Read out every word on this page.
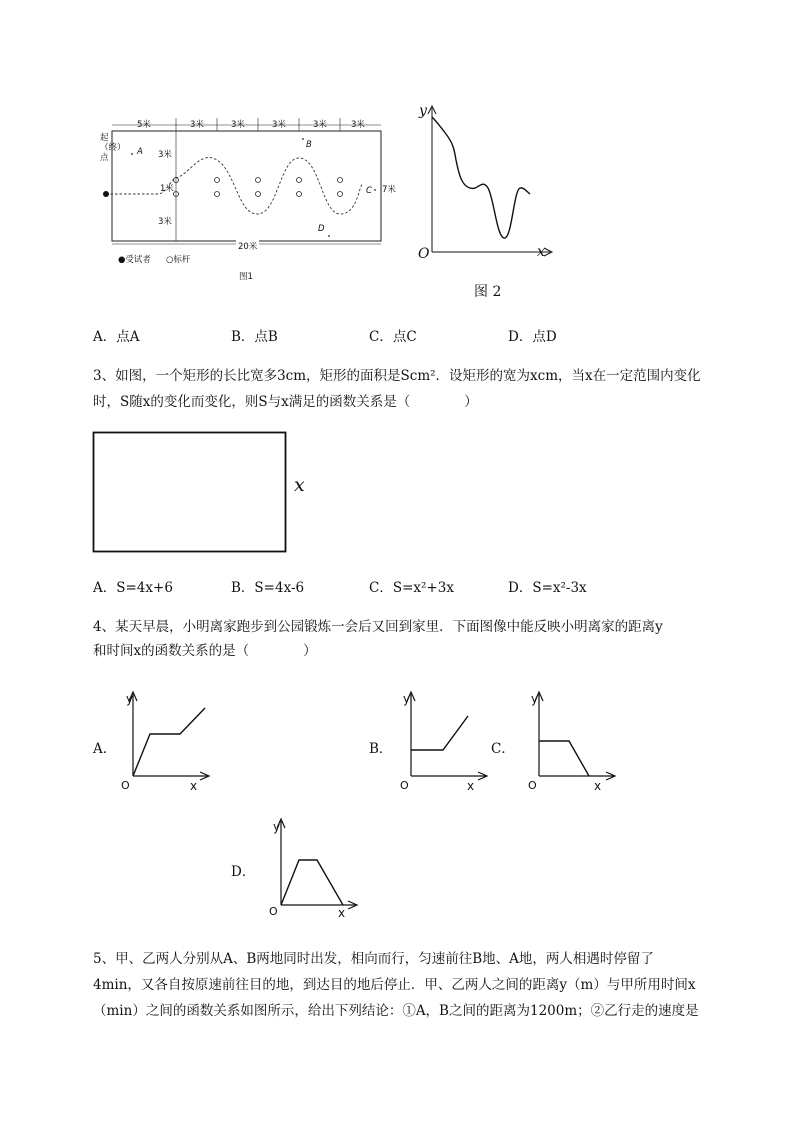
5米	3米	3米	3米	3米	3米
起（终）点	3米
1米
3米
7米
20米
A
B
C
D
●受试者 ○标杆
图1
y
x
O
图 2
A．点A	B．点B	C．点C	D．点D
3、如图，一个矩形的长比宽多3cm，矩形的面积是Scm²．设矩形的宽为xcm，当x在一定范围内变化
时，S随x的变化而变化，则S与x满足的函数关系是（　　　　）
x
A．S=4x+6	B．S=4x-6	C．S=x²+3x	D．S=x²-3x
4、某天早晨，小明离家跑步到公园锻炼一会后又回到家里．下面图像中能反映小明离家的距离y
和时间x的函数关系的是（　　　　）
A．
y
x
O
B．
y
x
O
C．
y
x
O
D．
y
x
O
5、甲、乙两人分别从A、B两地同时出发，相向而行，匀速前往B地、A地，两人相遇时停留了
4min，又各自按原速前往目的地，到达目的地后停止．甲、乙两人之间的距离y（m）与甲所用时间x
（min）之间的函数关系如图所示，给出下列结论：①A，B之间的距离为1200m；②乙行走的速度是
